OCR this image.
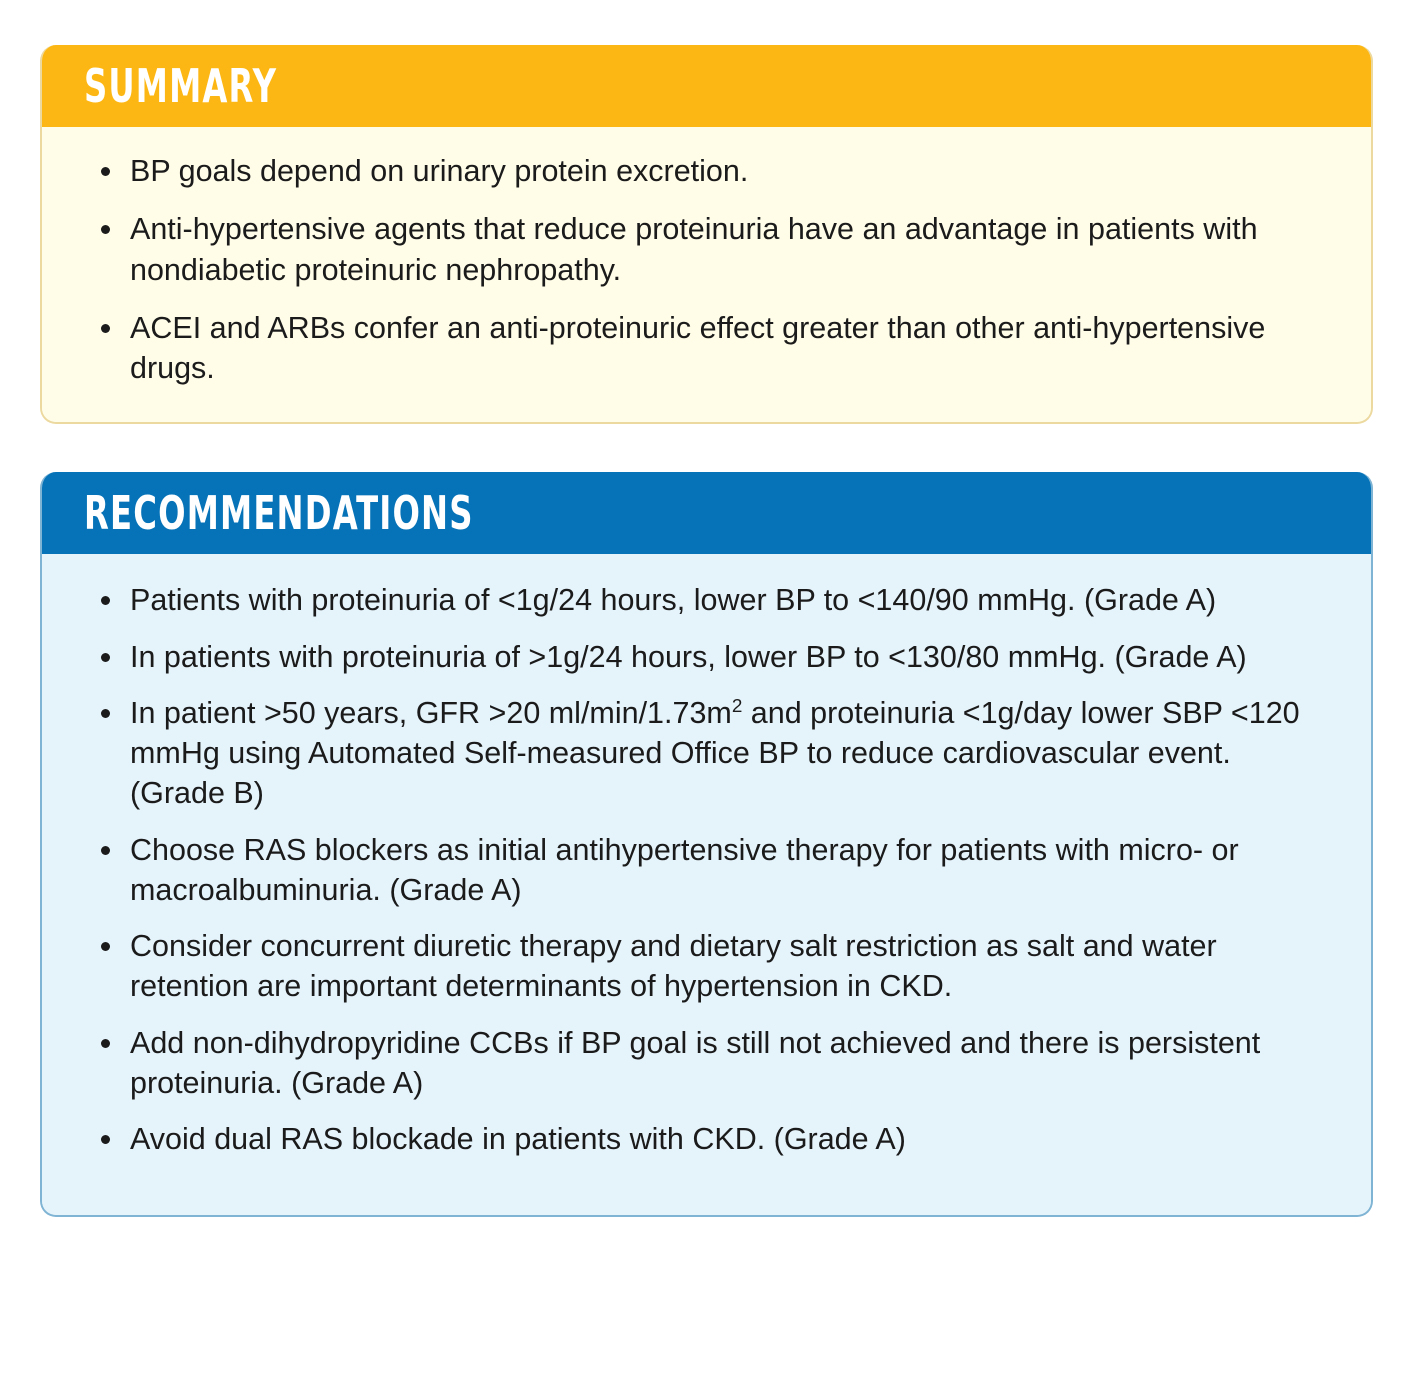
SUMMARY
BP goals depend on urinary protein excretion.
Anti-hypertensive agents that reduce proteinuria have an advantage in patients with nondiabetic proteinuric nephropathy.
ACEI and ARBs confer an anti-proteinuric effect greater than other anti-hypertensive drugs.
RECOMMENDATIONS
Patients with proteinuria of <1g/24 hours, lower BP to <140/90 mmHg. (Grade A)
In patients with proteinuria of >1g/24 hours, lower BP to <130/80 mmHg. (Grade A)
In patient >50 years, GFR >20 $ml/\min/1.73m^2$ and proteinuria <1g/day lower SBP <120 mmHg using Automated Self-measured Office BP to reduce cardiovascular event. (Grade B)
Choose RAS blockers as initial antihypertensive therapy for patients with micro- or macroalbuminuria. (Grade A)
Consider concurrent diuretic therapy and dietary salt restriction as salt and water retention are important determinants of hypertension in CKD.
Add non-dihydropyridine CCBs if BP goal is still not achieved and there is persistent proteinuria. (Grade A)
Avoid dual RAS blockade in patients with CKD. (Grade A)
